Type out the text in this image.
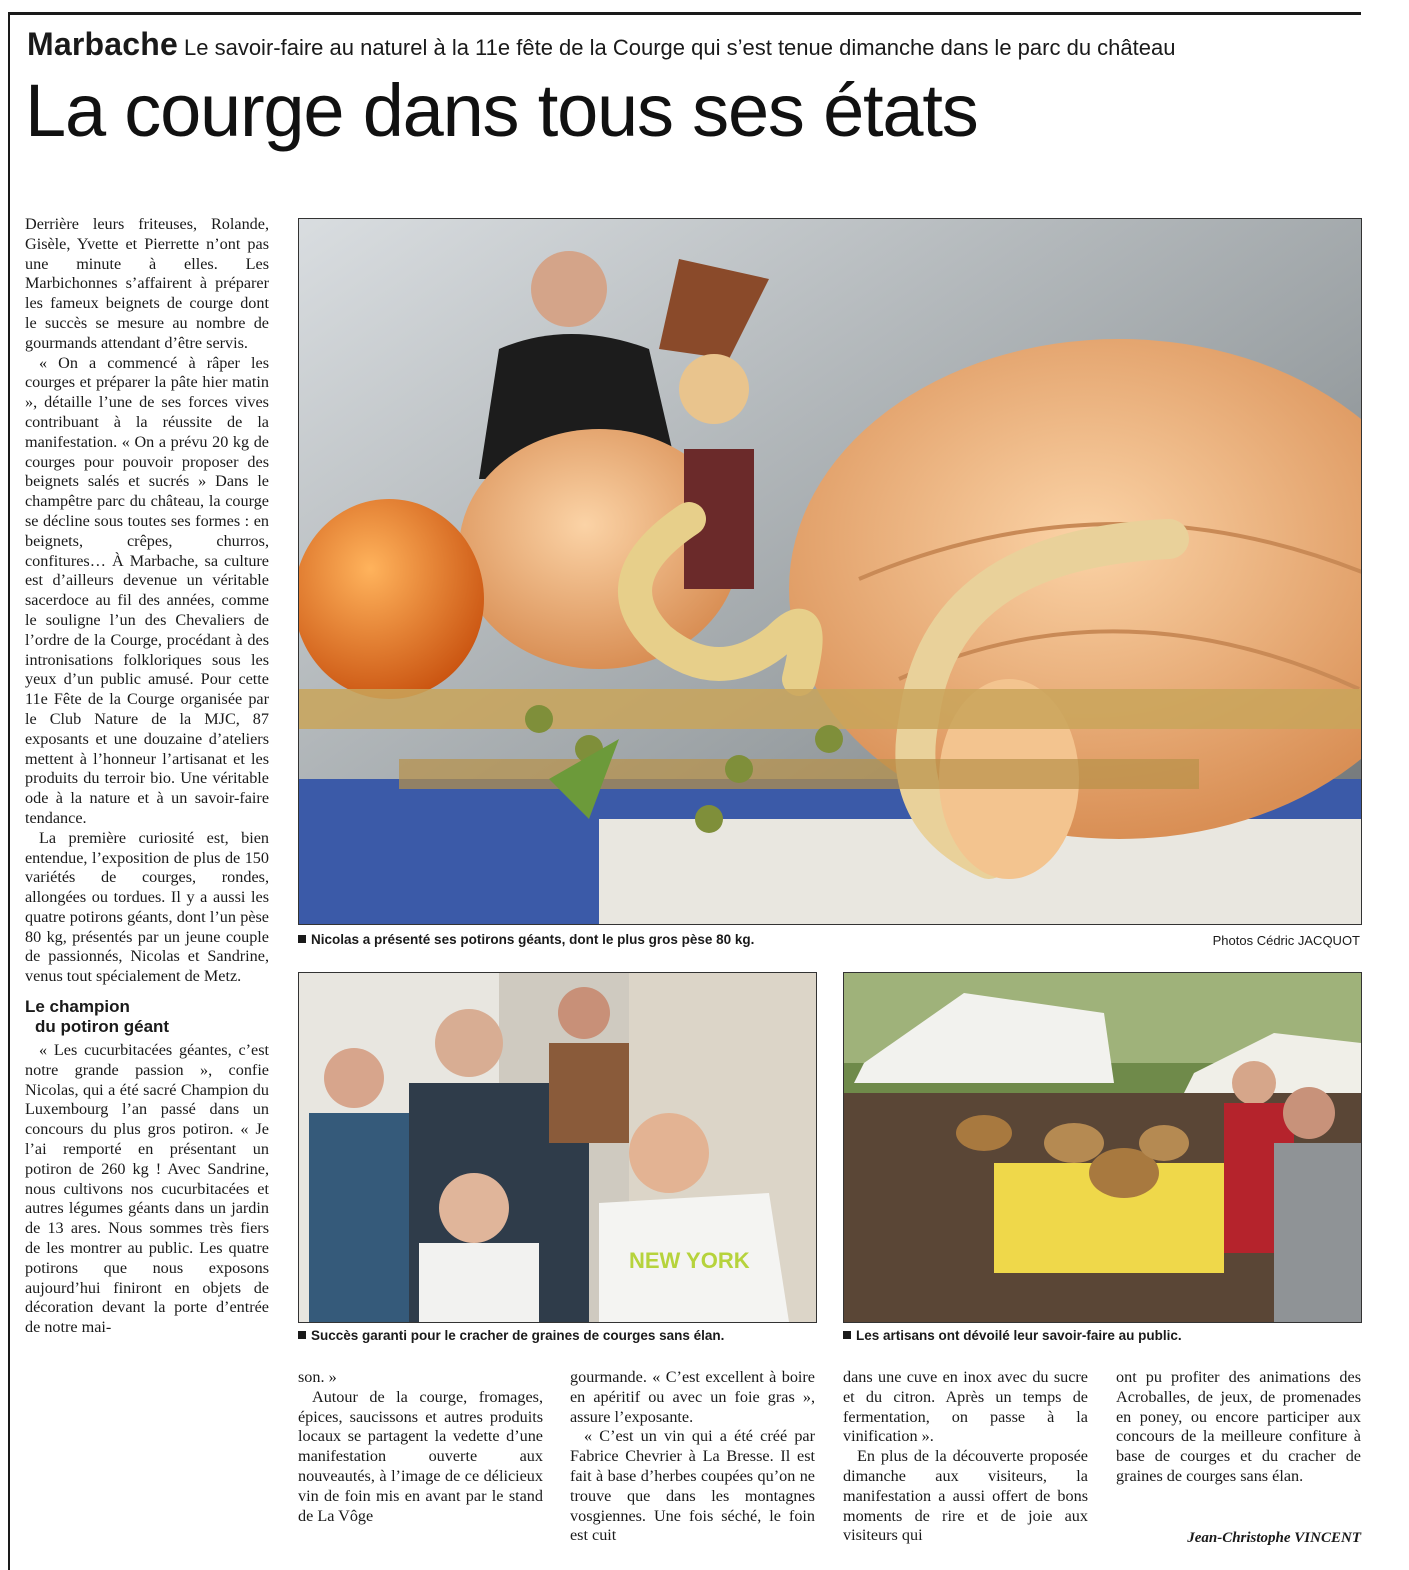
Marbache Le savoir-faire au naturel à la 11e fête de la Courge qui s’est tenue dimanche dans le parc du château
La courge dans tous ses états

Derrière leurs friteuses, Rolande, Gisèle, Yvette et Pierrette n’ont pas une minute à elles. Les Marbichonnes s’affairent à préparer les fameux beignets de courge dont le succès se mesure au nombre de gourmands attendant d’être servis.

« On a commencé à râper les courges et préparer la pâte hier matin », détaille l’une de ses forces vives contribuant à la réussite de la manifestation. « On a prévu 20 kg de courges pour pouvoir proposer des beignets salés et sucrés » Dans le champêtre parc du château, la courge se décline sous toutes ses formes : en beignets, crêpes, churros, confitures… À Marbache, sa culture est d’ailleurs devenue un véritable sacerdoce au fil des années, comme le souligne l’un des Chevaliers de l’ordre de la Courge, procédant à des intronisations folkloriques sous les yeux d’un public amusé. Pour cette 11e Fête de la Courge organisée par le Club Nature de la MJC, 87 exposants et une douzaine d’ateliers mettent à l’honneur l’artisanat et les produits du terroir bio. Une véritable ode à la nature et à un savoir-faire tendance.

La première curiosité est, bien entendue, l’exposition de plus de 150 variétés de courges, rondes, allongées ou tordues. Il y a aussi les quatre potirons géants, dont l’un pèse 80 kg, présentés par un jeune couple de passionnés, Nicolas et Sandrine, venus tout spécialement de Metz.

Le champion
du potiron géant

« Les cucurbitacées géantes, c’est notre grande passion », confie Nicolas, qui a été sacré Champion du Luxembourg l’an passé dans un concours du plus gros potiron. « Je l’ai remporté en présentant un potiron de 260 kg ! Avec Sandrine, nous cultivons nos cucurbitacées et autres légumes géants dans un jardin de 13 ares. Nous sommes très fiers de les montrer au public. Les quatre potirons que nous exposons aujourd’hui finiront en objets de décoration devant la porte d’entrée de notre mai-

Nicolas a présenté ses potirons géants, dont le plus gros pèse 80 kg.	Photos Cédric JACQUOT
NEW YORK
Succès garanti pour le cracher de graines de courges sans élan.	Les artisans ont dévoilé leur savoir-faire au public.

son. »

Autour de la courge, fromages, épices, saucissons et autres produits locaux se partagent la vedette d’une manifestation ouverte aux nouveautés, à l’image de ce délicieux vin de foin mis en avant par le stand de La Vôge

gourmande. « C’est excellent à boire en apéritif ou avec un foie gras », assure l’exposante.

« C’est un vin qui a été créé par Fabrice Chevrier à La Bresse. Il est fait à base d’herbes coupées qu’on ne trouve que dans les montagnes vosgiennes. Une fois séché, le foin est cuit

dans une cuve en inox avec du sucre et du citron. Après un temps de fermentation, on passe à la vinification ».

En plus de la découverte proposée dimanche aux visiteurs, la manifestation a aussi offert de bons moments de rire et de joie aux visiteurs qui

ont pu profiter des animations des Acroballes, de jeux, de promenades en poney, ou encore participer aux concours de la meilleure confiture à base de courges et du cracher de graines de courges sans élan.

Jean-Christophe VINCENT
